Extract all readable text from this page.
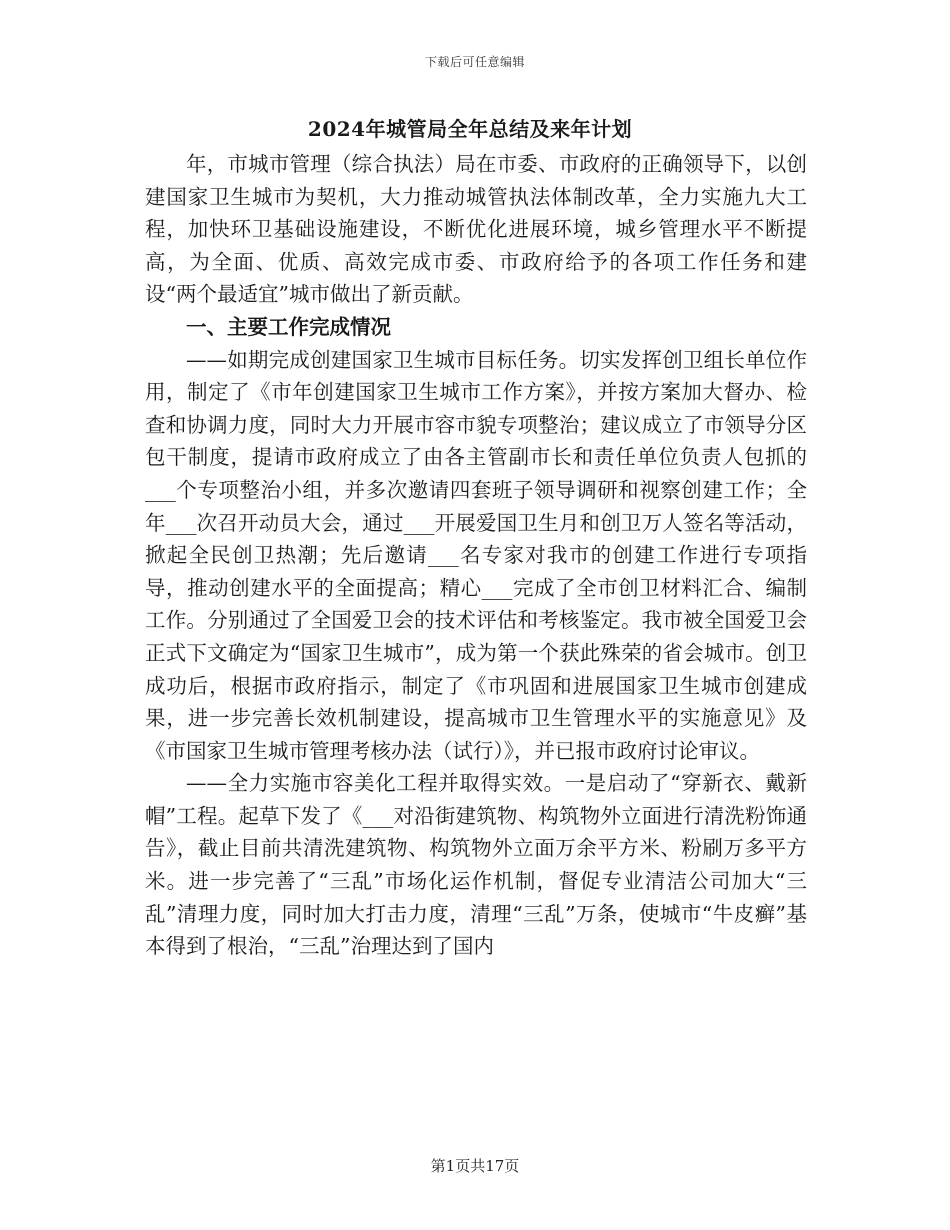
下载后可任意编辑
2024年城管局全年总结及来年计划

年，市城市管理（综合执法）局在市委、市政府的正确领导下，以创建国家卫生城市为契机，大力推动城管执法体制改革，全力实施九大工程，加快环卫基础设施建设，不断优化进展环境，城乡管理水平不断提高，为全面、优质、高效完成市委、市政府给予的各项工作任务和建设“两个最适宜”城市做出了新贡献。

一、主要工作完成情况

——如期完成创建国家卫生城市目标任务。切实发挥创卫组长单位作用，制定了《市年创建国家卫生城市工作方案》，并按方案加大督办、检查和协调力度，同时大力开展市容市貌专项整治；建议成立了市领导分区包干制度，提请市政府成立了由各主管副市长和责任单位负责人包抓的___个专项整治小组，并多次邀请四套班子领导调研和视察创建工作；全年___次召开动员大会，通过___开展爱国卫生月和创卫万人签名等活动，掀起全民创卫热潮；先后邀请___名专家对我市的创建工作进行专项指导，推动创建水平的全面提高；精心___完成了全市创卫材料汇合、编制工作。分别通过了全国爱卫会的技术评估和考核鉴定。我市被全国爱卫会正式下文确定为“国家卫生城市”，成为第一个获此殊荣的省会城市。创卫成功后，根据市政府指示，制定了《市巩固和进展国家卫生城市创建成果，进一步完善长效机制建设，提高城市卫生管理水平的实施意见》及《市国家卫生城市管理考核办法（试行）》，并已报市政府讨论审议。

——全力实施市容美化工程并取得实效。一是启动了“穿新衣、戴新帽”工程。起草下发了《___对沿街建筑物、构筑物外立面进行清洗粉饰通告》，截止目前共清洗建筑物、构筑物外立面万余平方米、粉刷万多平方米。进一步完善了“三乱”市场化运作机制，督促专业清洁公司加大“三乱”清理力度，同时加大打击力度，清理“三乱”万条，使城市“牛皮癣”基本得到了根治，“三乱”治理达到了国内

第1页共17页
